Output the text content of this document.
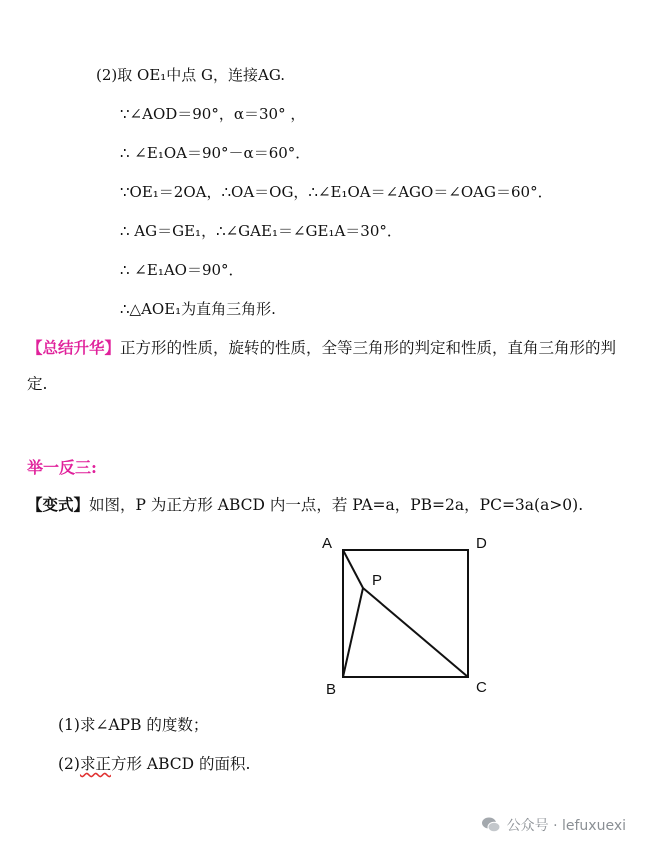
(2)取 OE₁中点 G，连接AG.
∵∠AOD＝90°，α＝30° ，
∴ ∠E₁OA＝90°－α＝60°．
∵OE₁＝2OA，∴OA＝OG，∴∠E₁OA＝∠AGO＝∠OAG＝60°．
∴ AG＝GE₁，∴∠GAE₁＝∠GE₁A＝30°．
∴ ∠E₁AO＝90°．
∴△AOE₁为直角三角形.
【总结升华】正方形的性质，旋转的性质，全等三角形的判定和性质，直角三角形的判定.
举一反三:
【变式】如图，P 为正方形 ABCD 内一点，若 PA=a，PB=2a，PC=3a(a>0).
A	D
P
B	C
(1)求∠APB 的度数；
(2)求正方形 ABCD 的面积.
公众号 · lefuxuexi
